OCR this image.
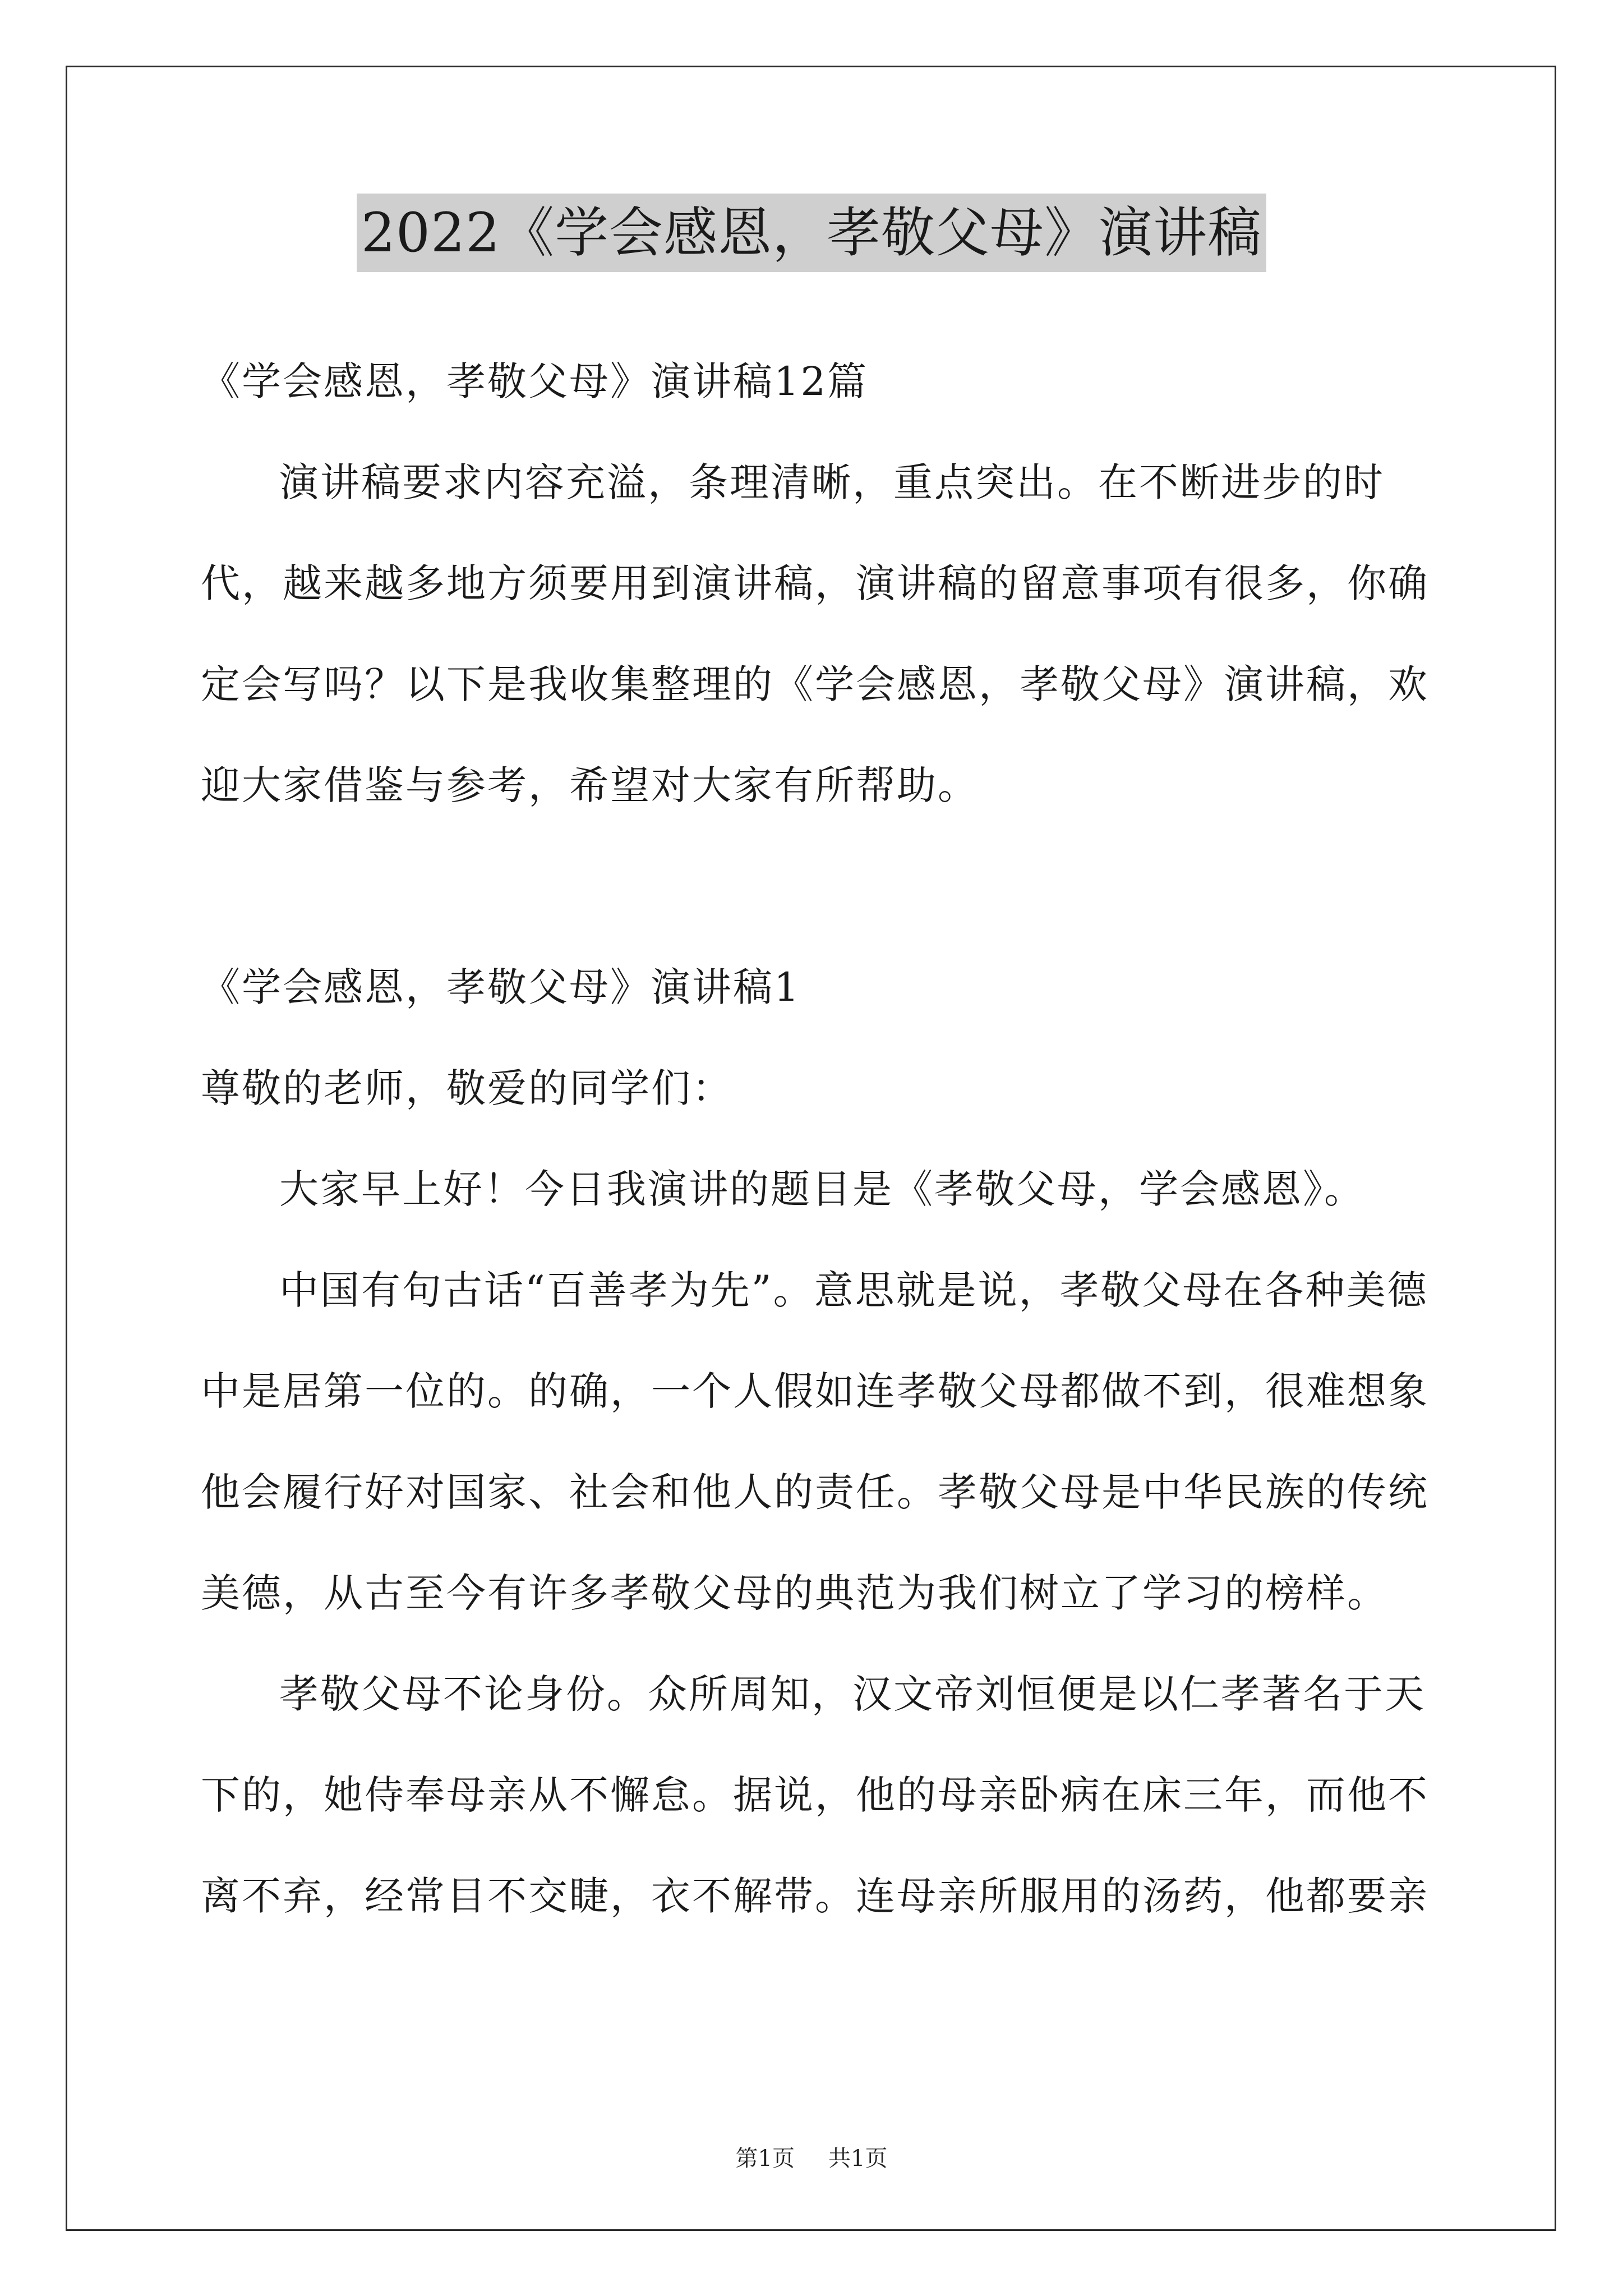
2022《学会感恩，孝敬父母》演讲稿

《学会感恩，孝敬父母》演讲稿12篇

演讲稿要求内容充溢，条理清晰，重点突出。在不断进步的时代，越来越多地方须要用到演讲稿，演讲稿的留意事项有很多，你确定会写吗？以下是我收集整理的《学会感恩，孝敬父母》演讲稿，欢迎大家借鉴与参考，希望对大家有所帮助。

《学会感恩，孝敬父母》演讲稿1

尊敬的老师，敬爱的同学们：

大家早上好！今日我演讲的题目是《孝敬父母，学会感恩》。

中国有句古话“百善孝为先”。意思就是说，孝敬父母在各种美德中是居第一位的。的确，一个人假如连孝敬父母都做不到，很难想象他会履行好对国家、社会和他人的责任。孝敬父母是中华民族的传统美德，从古至今有许多孝敬父母的典范为我们树立了学习的榜样。

孝敬父母不论身份。众所周知，汉文帝刘恒便是以仁孝著名于天下的，她侍奉母亲从不懈怠。据说，他的母亲卧病在床三年，而他不离不弃，经常目不交睫，衣不解带。连母亲所服用的汤药，他都要亲

第1页 共1页
